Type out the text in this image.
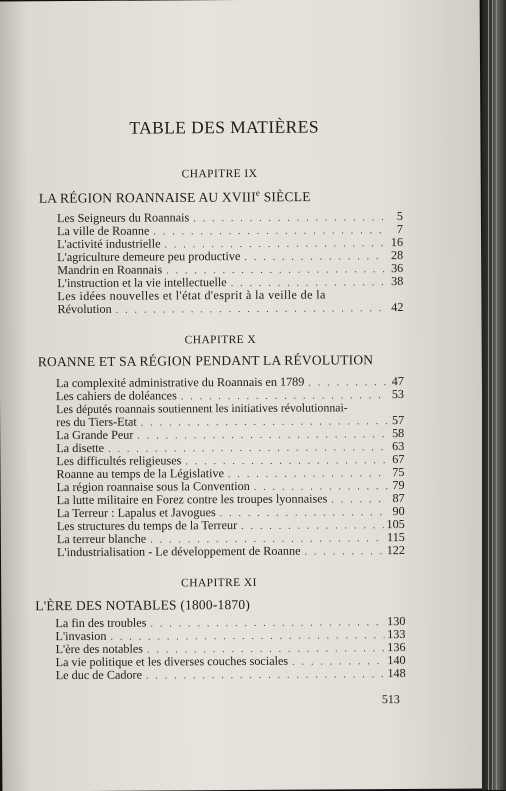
TABLE DES MATIÈRES
CHAPITRE IX
LA RÉGION ROANNAISE AU XVIIIe SIÈCLE
Les Seigneurs du Roannais . . .	5
La ville de Roanne . . .	7
L'activité industrielle . . .	16
L'agriculture demeure peu productive . . .	28
Mandrin en Roannais . . .	36
L'instruction et la vie intellectuelle . . .	38
Les idées nouvelles et l'état d'esprit à la veille de la
Révolution . . .	42
CHAPITRE X
ROANNE ET SA RÉGION PENDANT LA RÉVOLUTION
La complexité administrative du Roannais en 1789 . . .	47
Les cahiers de doléances . . .	53
Les députés roannais soutiennent les initiatives révolutionnai-
res du Tiers-Etat . . .	57
La Grande Peur . . .	58
La disette . . .	63
Les difficultés religieuses . . .	67
Roanne au temps de la Législative . . .	75
La région roannaise sous la Convention . . .	79
La lutte militaire en Forez contre les troupes lyonnaises . . .	87
La Terreur : Lapalus et Javogues . . .	90
Les structures du temps de la Terreur . . .	105
La terreur blanche . . .	115
L'industrialisation - Le développement de Roanne . . .	122
CHAPITRE XI
L'ÈRE DES NOTABLES (1800-1870)
La fin des troubles . . .	130
L'invasion . . .	133
L'ère des notables . . .	136
La vie politique et les diverses couches sociales . . .	140
Le duc de Cadore . . .	148
513
